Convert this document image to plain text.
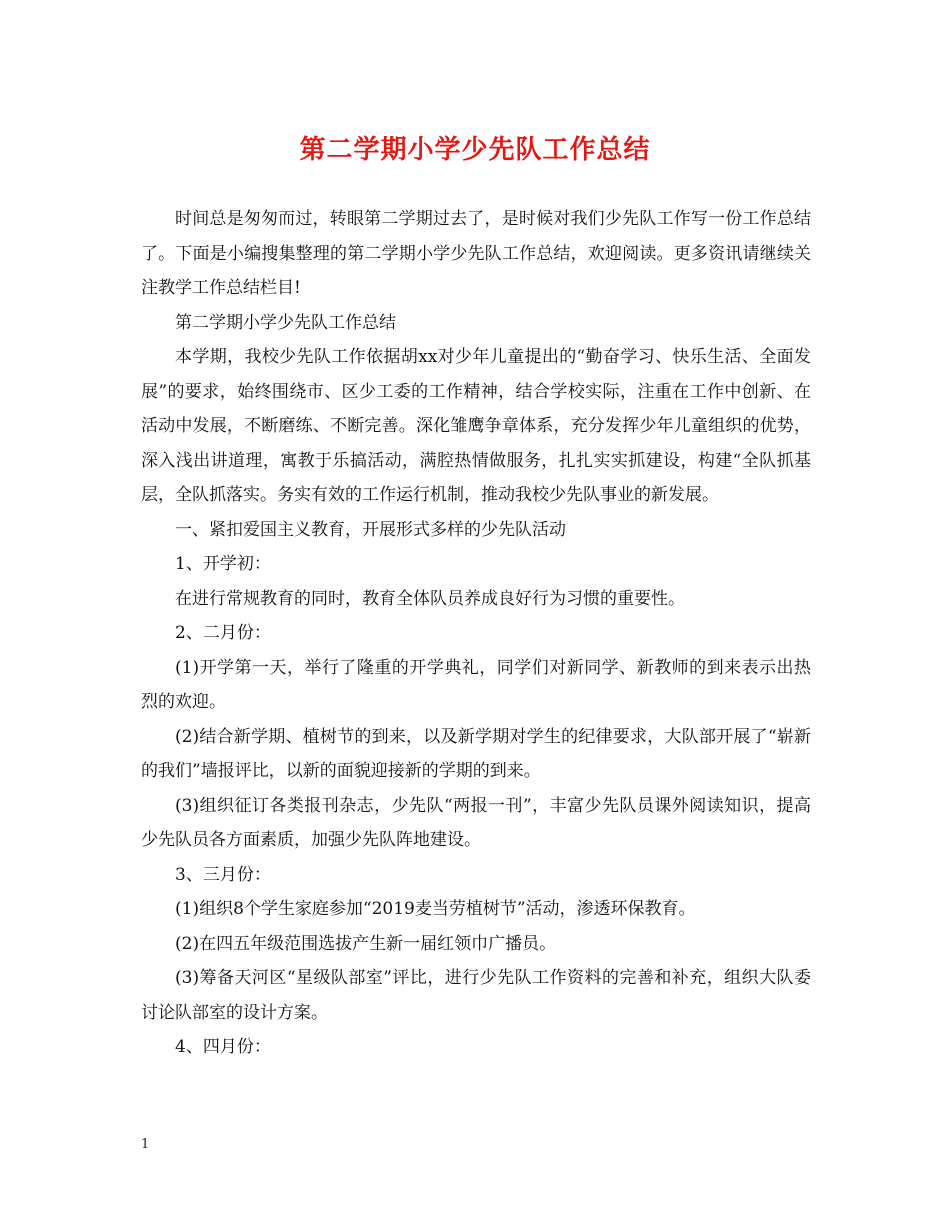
第二学期小学少先队工作总结

时间总是匆匆而过，转眼第二学期过去了，是时候对我们少先队工作写一份工作总结了。下面是小编搜集整理的第二学期小学少先队工作总结，欢迎阅读。更多资讯请继续关注教学工作总结栏目!

第二学期小学少先队工作总结

本学期，我校少先队工作依据胡xx对少年儿童提出的“勤奋学习、快乐生活、全面发展”的要求，始终围绕市、区少工委的工作精神，结合学校实际，注重在工作中创新、在活动中发展，不断磨练、不断完善。深化雏鹰争章体系，充分发挥少年儿童组织的优势，深入浅出讲道理，寓教于乐搞活动，满腔热情做服务，扎扎实实抓建设，构建“全队抓基层，全队抓落实。务实有效的工作运行机制，推动我校少先队事业的新发展。

一、紧扣爱国主义教育，开展形式多样的少先队活动

1、开学初：

在进行常规教育的同时，教育全体队员养成良好行为习惯的重要性。

2、二月份：

(1)开学第一天，举行了隆重的开学典礼，同学们对新同学、新教师的到来表示出热烈的欢迎。

(2)结合新学期、植树节的到来，以及新学期对学生的纪律要求，大队部开展了“崭新的我们”墙报评比，以新的面貌迎接新的学期的到来。

(3)组织征订各类报刊杂志，少先队“两报一刊”，丰富少先队员课外阅读知识，提高少先队员各方面素质，加强少先队阵地建设。

3、三月份：

(1)组织8个学生家庭参加“2019麦当劳植树节”活动，渗透环保教育。

(2)在四五年级范围选拔产生新一届红领巾广播员。

(3)筹备天河区“星级队部室”评比，进行少先队工作资料的完善和补充，组织大队委讨论队部室的设计方案。

4、四月份：

1
